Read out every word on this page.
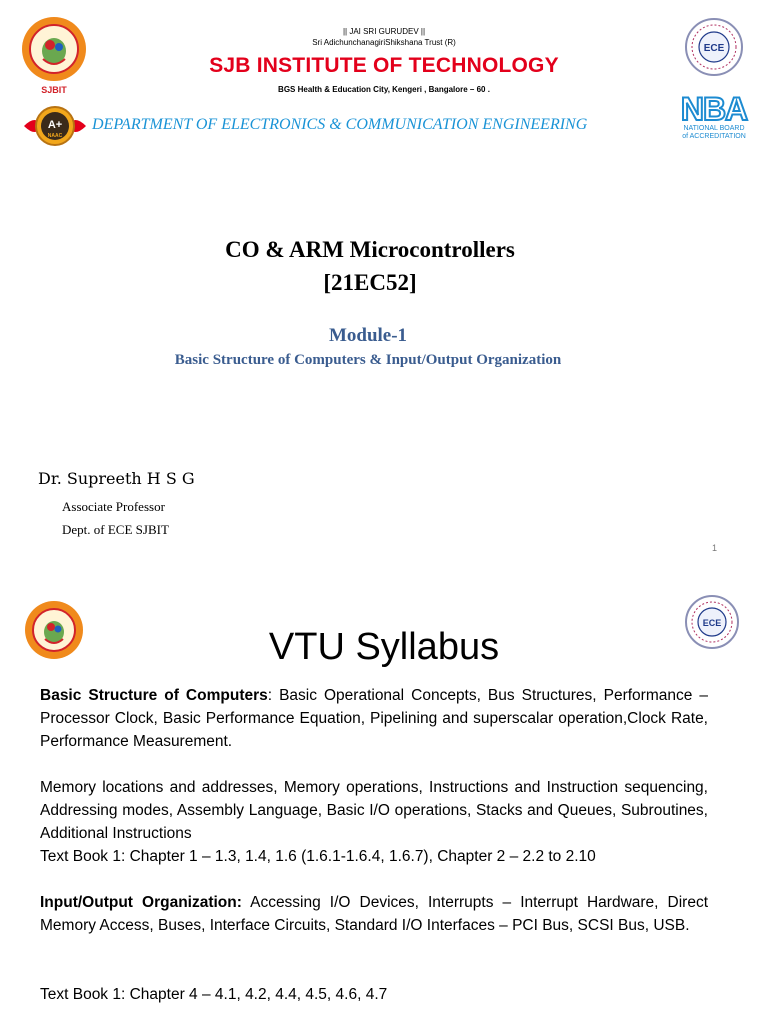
SJBIT
|| JAI SRI GURUDEV ||
Sri AdichunchanagiriShikshana Trust (R)
SJB INSTITUTE OF TECHNOLOGY
BGS Health & Education City, Kengeri , Bangalore – 60 .
ECE
A+
NAAC
DEPARTMENT OF ELECTRONICS & COMMUNICATION ENGINEERING	NBA
NATIONAL BOARD
of ACCREDITATION
CO & ARM Microcontrollers
[21EC52]
Module-1
Basic Structure of Computers & Input/Output Organization
Dr. Supreeth H S G
Associate Professor
Dept. of ECE SJBIT
1
ECE
VTU Syllabus
Basic Structure of Computers: Basic Operational Concepts, Bus Structures, Performance – Processor Clock, Basic Performance Equation, Pipelining and superscalar operation,Clock Rate, Performance Measurement.
Memory locations and addresses, Memory operations, Instructions and Instruction sequencing, Addressing modes, Assembly Language, Basic I/O operations, Stacks and Queues, Subroutines, Additional Instructions
Text Book 1: Chapter 1 – 1.3, 1.4, 1.6 (1.6.1-1.6.4, 1.6.7), Chapter 2 – 2.2 to 2.10
Input/Output Organization: Accessing I/O Devices, Interrupts – Interrupt Hardware, Direct Memory Access, Buses, Interface Circuits, Standard I/O Interfaces – PCI Bus, SCSI Bus, USB.
Text Book 1: Chapter 4 – 4.1, 4.2, 4.4, 4.5, 4.6, 4.7
